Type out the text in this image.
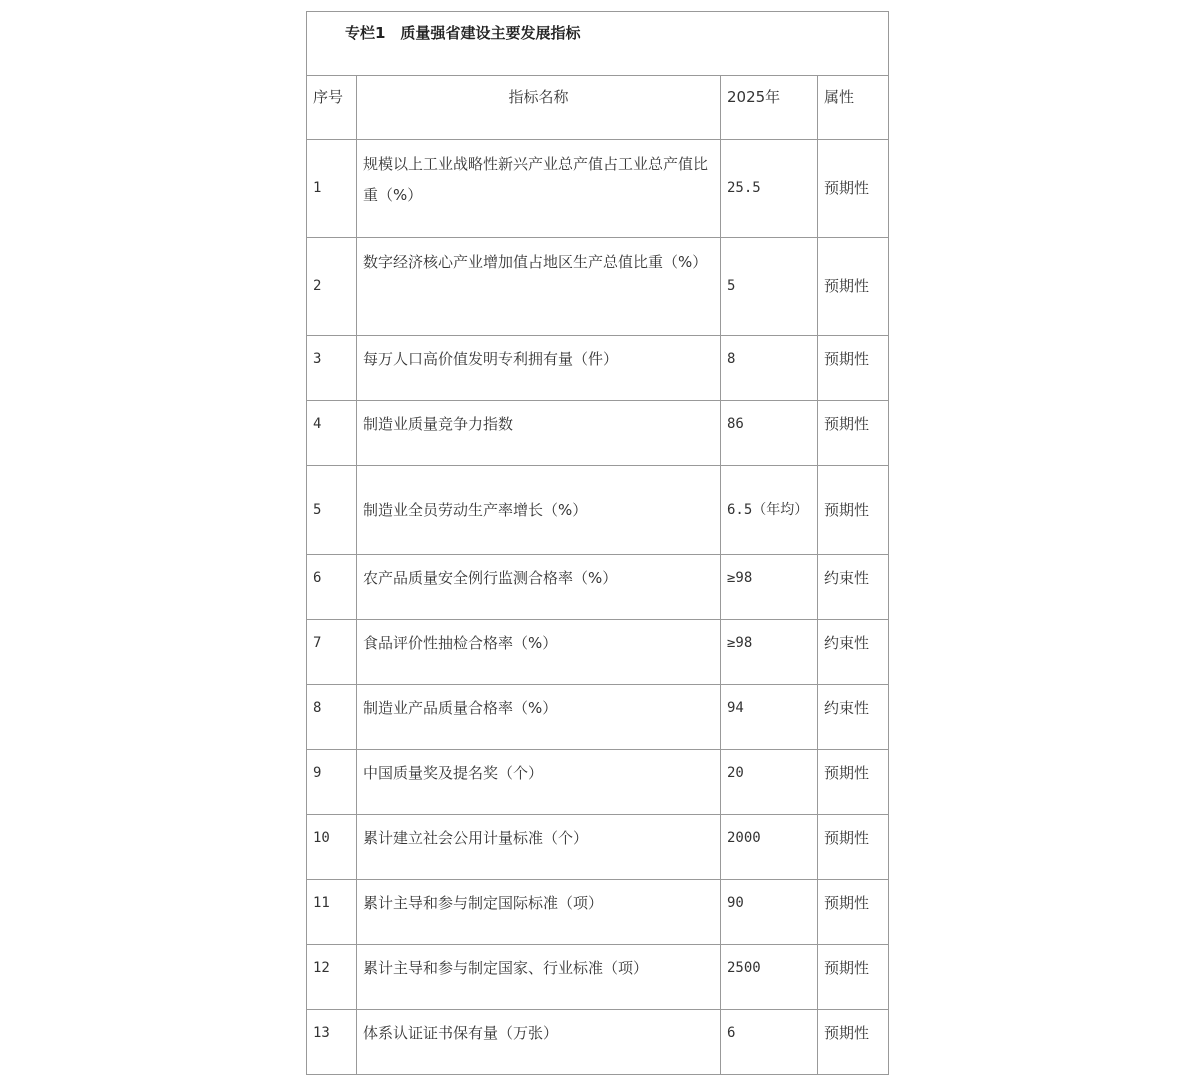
专栏1　质量强省建设主要发展指标			
序号	指标名称	2025年	属性
1	规模以上工业战略性新兴产业总产值占工业总产值比重（%）	25.5	预期性
2	数字经济核心产业增加值占地区生产总值比重（%）	5	预期性
3	每万人口高价值发明专利拥有量（件）	8	预期性
4	制造业质量竞争力指数	86	预期性
5	制造业全员劳动生产率增长（%）	6.5（年均）	预期性
6	农产品质量安全例行监测合格率（%）	≥98	约束性
7	食品评价性抽检合格率（%）	≥98	约束性
8	制造业产品质量合格率（%）	94	约束性
9	中国质量奖及提名奖（个）	20	预期性
10	累计建立社会公用计量标准（个）	2000	预期性
11	累计主导和参与制定国际标准（项）	90	预期性
12	累计主导和参与制定国家、行业标准（项）	2500	预期性
13	体系认证证书保有量（万张）	6	预期性
